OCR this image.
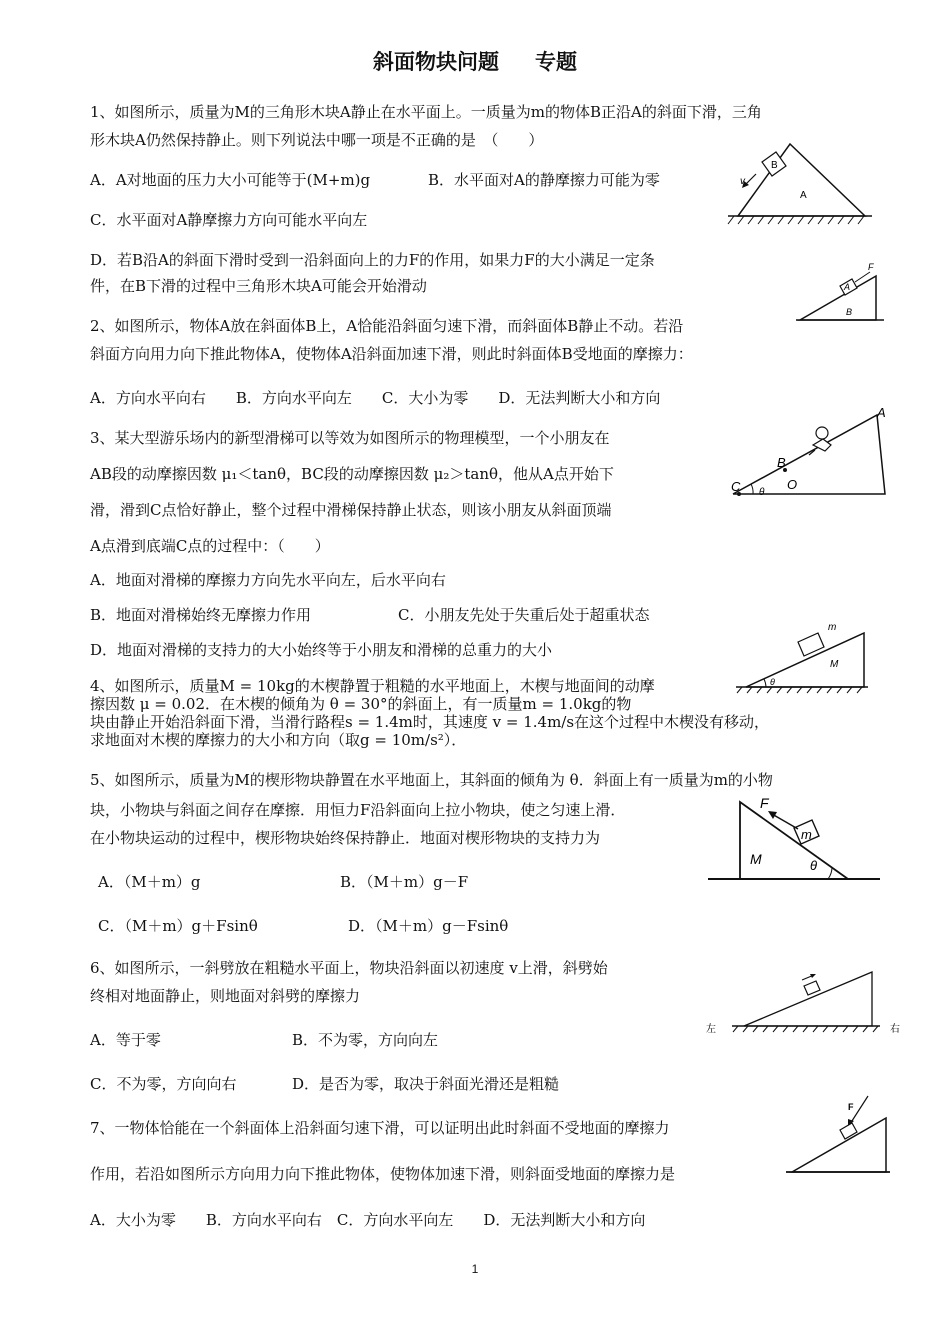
斜面物块问题 专题
1、如图所示，质量为M的三角形木块A静止在水平面上。一质量为m的物体B正沿A的斜面下滑，三角
形木块A仍然保持静止。则下列说法中哪一项是不正确的是　（　　）
A．A对地面的压力大小可能等于(M+m)g	B．水平面对A的静摩擦力可能为零
C．水平面对A静摩擦力方向可能水平向左
D．若B沿A的斜面下滑时受到一沿斜面向上的力F的作用，如果力F的大小满足一定条
件，在B下滑的过程中三角形木块A可能会开始滑动
B
A
v
A
B
F
2、如图所示，物体A放在斜面体B上，A恰能沿斜面匀速下滑，而斜面体B静止不动。若沿
斜面方向用力向下推此物体A，使物体A沿斜面加速下滑，则此时斜面体B受地面的摩擦力：
A．方向水平向右　　B．方向水平向左　　C．大小为零　　D．无法判断大小和方向
3、某大型游乐场内的新型滑梯可以等效为如图所示的物理模型，一个小朋友在
AB段的动摩擦因数 μ₁＜tanθ，BC段的动摩擦因数 μ₂＞tanθ，他从A点开始下
滑，滑到C点恰好静止，整个过程中滑梯保持静止状态，则该小朋友从斜面顶端
A点滑到底端C点的过程中：（　　）
A．地面对滑梯的摩擦力方向先水平向左，后水平向右
B．地面对滑梯始终无摩擦力作用	C．小朋友先处于失重后处于超重状态
D．地面对滑梯的支持力的大小始终等于小朋友和滑梯的总重力的大小
A
B
C	O
θ
m
M
θ
4、如图所示，质量M = 10kg的木楔静置于粗糙的水平地面上，木楔与地面间的动摩
擦因数 μ = 0.02．在木楔的倾角为 θ = 30°的斜面上，有一质量m = 1.0kg的物
块由静止开始沿斜面下滑，当滑行路程s = 1.4m时，其速度 v = 1.4m/s在这个过程中木楔没有移动，
求地面对木楔的摩擦力的大小和方向（取g = 10m/s²）．
5、如图所示，质量为M的楔形物块静置在水平地面上，其斜面的倾角为 θ．斜面上有一质量为m的小物
块，小物块与斜面之间存在摩擦．用恒力F沿斜面向上拉小物块，使之匀速上滑．
在小物块运动的过程中，楔形物块始终保持静止．地面对楔形物块的支持力为
A．（M＋m）g	B．（M＋m）g－F
C．（M＋m）g＋Fsinθ	D．（M＋m）g－Fsinθ
F
m
M	θ
6、如图所示，一斜劈放在粗糙水平面上，物块沿斜面以初速度 v上滑，斜劈始
终相对地面静止，则地面对斜劈的摩擦力
A．等于零	B．不为零，方向向左
C．不为零，方向向右	D．是否为零，取决于斜面光滑还是粗糙
左	右
7、一物体恰能在一个斜面体上沿斜面匀速下滑，可以证明出此时斜面不受地面的摩擦力
作用，若沿如图所示方向用力向下推此物体，使物体加速下滑，则斜面受地面的摩擦力是
A．大小为零　　B．方向水平向右　C．方向水平向左　　D．无法判断大小和方向
F
1
